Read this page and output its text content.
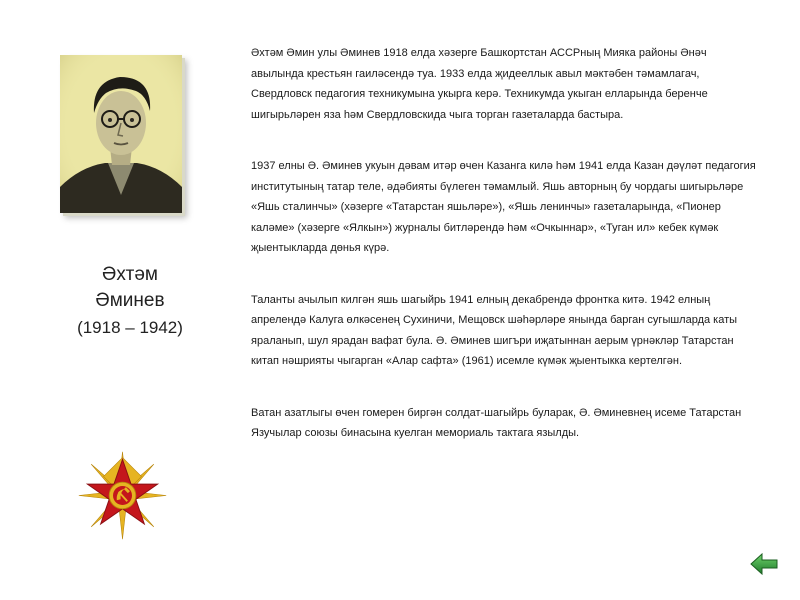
Әхтәм
Әминев
(1918 – 1942)

Әхтәм Әмин улы Әминев 1918 елда хәзерге Башкортстан АССРның Мияка районы Әнәч авылында крестьян гаиләсендә туа. 1933 елда җидееллык авыл мәктәбен тәмамлагач, Свердловск педагогия техникумына укырга керә. Техникумда укыган елларында беренче шигырьләрен яза һәм Свердловскида чыга торган газеталарда бастыра.

1937 елны Ә. Әминев укуын дәвам итәр өчен Казанга килә һәм 1941 елда Казан дәүләт педагогия институтының татар теле, әдәбияты бүлеген тәмамлый. Яшь авторның бу чордагы шигырьләре «Яшь сталинчы» (хәзерге «Татарстан яшьләре»), «Яшь ленинчы» газеталарында, «Пионер каләме» (хәзерге «Ялкын») журналы битләрендә һәм «Очкыннар», «Туган ил» кебек күмәк җыентыкларда дөнья күрә.

Таланты ачылып килгән яшь шагыйрь 1941 елның декабрендә фронтка китә. 1942 елның апрелендә Калуга өлкәсенең Сухиничи, Мещовск шәһәрләре янында барган сугышларда каты яраланып, шул ярадан вафат була. Ә. Әминев шигъри иҗатыннан аерым үрнәкләр Татарстан китап нәшрияты чыгарган «Алар сафта» (1961) исемле күмәк җыентыкка кертелгән.

Ватан азатлыгы өчен гомерен биргән солдат-шагыйрь буларак, Ә. Әминевнең исеме Татарстан Язучылар союзы бинасына куелган мемориаль тактага язылды.
